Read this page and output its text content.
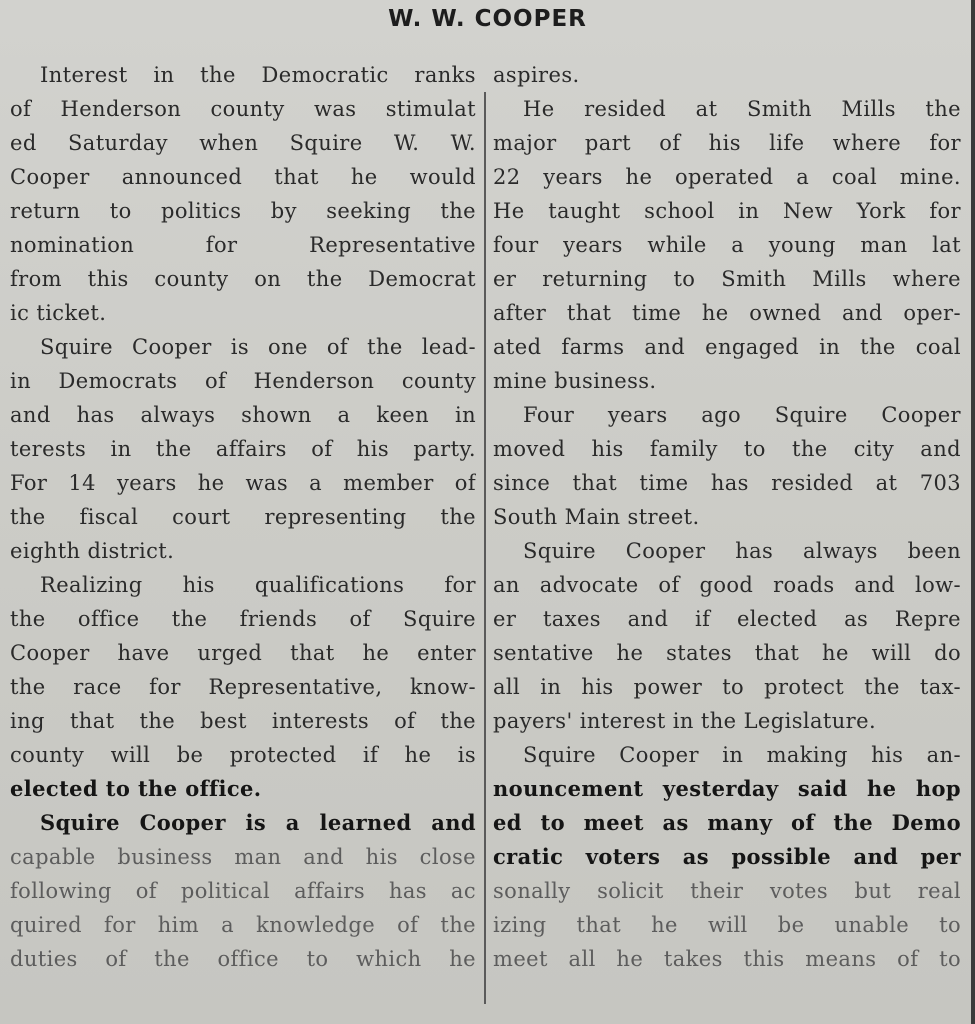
W. W. COOPER
Interest in the Democratic ranks
of Henderson county was stimulat
ed Saturday when Squire W. W.
Cooper announced that he would
return to politics by seeking the
nomination for Representative
from this county on the Democrat
ic ticket.
Squire Cooper is one of the lead-
in Democrats of Henderson county
and has always shown a keen in
terests in the affairs of his party.
For 14 years he was a member of
the fiscal court representing the
eighth district.
Realizing his qualifications for
the office the friends of Squire
Cooper have urged that he enter
the race for Representative, know-
ing that the best interests of the
county will be protected if he is
elected to the office.
Squire Cooper is a learned and
capable business man and his close
following of political affairs has ac
quired for him a knowledge of the
duties of the office to which he
aspires.
He resided at Smith Mills the
major part of his life where for
22 years he operated a coal mine.
He taught school in New York for
four years while a young man lat
er returning to Smith Mills where
after that time he owned and oper-
ated farms and engaged in the coal
mine business.
Four years ago Squire Cooper
moved his family to the city and
since that time has resided at 703
South Main street.
Squire Cooper has always been
an advocate of good roads and low-
er taxes and if elected as Repre
sentative he states that he will do
all in his power to protect the tax-
payers' interest in the Legislature.
Squire Cooper in making his an-
nouncement yesterday said he hop
ed to meet as many of the Demo
cratic voters as possible and per
sonally solicit their votes but real
izing that he will be unable to
meet all he takes this means of to
